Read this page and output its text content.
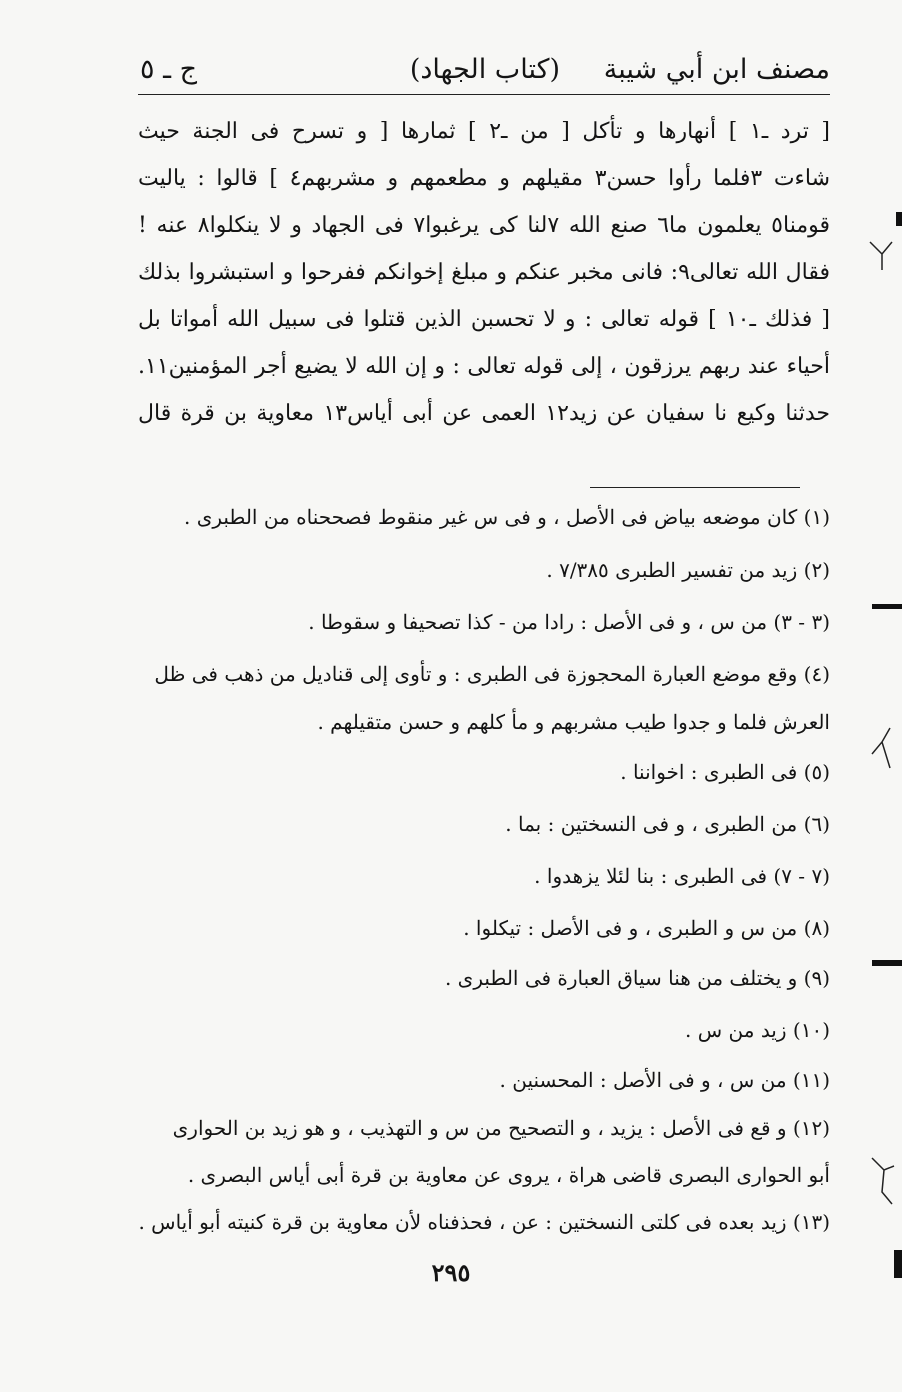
مصنف ابن أبي شيبة
(كتاب الجهاد)
ج ـ ٥

[ ترد ـ١ ] أنهارها و تأكل [ من ـ٢ ] ثمارها [ و تسرح فى الجنة حيث

شاءت ٣فلما رأوا حسن٣ مقيلهم و مطعمهم و مشربهم٤ ] قالوا : ياليت

قومنا٥ يعلمون ما٦ صنع الله ٧لنا كى يرغبوا٧ فى الجهاد و لا ينكلوا٨ عنه !

فقال الله تعالى٩: فانى مخبر عنكم و مبلغ إخوانكم ففرحوا و استبشروا بذلك

[ فذلك ـ١٠ ] قوله تعالى : و لا تحسبن الذين قتلوا فى سبيل الله أمواتا بل

أحياء عند ربهم يرزقون ، إلى قوله تعالى : و إن الله لا يضيع أجر المؤمنين١١.

حدثنا وكيع نا سفيان عن زيد١٢ العمى عن أبى أياس١٣ معاوية بن قرة قال

(١) كان موضعه بياض فى الأصل ، و فى س غير منقوط فصححناه من الطبرى .
(٢) زيد من تفسير الطبرى ٧/٣٨٥ .
(٣ - ٣) من س ، و فى الأصل : رادا من - كذا تصحيفا و سقوطا .
(٤) وقع موضع العبارة المحجوزة فى الطبرى : و تأوى إلى قناديل من ذهب فى ظل
العرش فلما و جدوا طيب مشربهم و مأ كلهم و حسن متقيلهم .
(٥) فى الطبرى : اخواننا .
(٦) من الطبرى ، و فى النسختين : بما .
(٧ - ٧) فى الطبرى : بنا لئلا يزهدوا .
(٨) من س و الطبرى ، و فى الأصل : تيكلوا .
(٩) و يختلف من هنا سياق العبارة فى الطبرى .
(١٠) زيد من س .
(١١) من س ، و فى الأصل : المحسنين .
(١٢) و قع فى الأصل : يزيد ، و التصحيح من س و التهذيب ، و هو زيد بن الحوارى
أبو الحوارى البصرى قاضى هراة ، يروى عن معاوية بن قرة أبى أياس البصرى .
(١٣) زيد بعده فى كلتى النسختين : عن ، فحذفناه لأن معاوية بن قرة كنيته أبو أياس .
٢٩٥
